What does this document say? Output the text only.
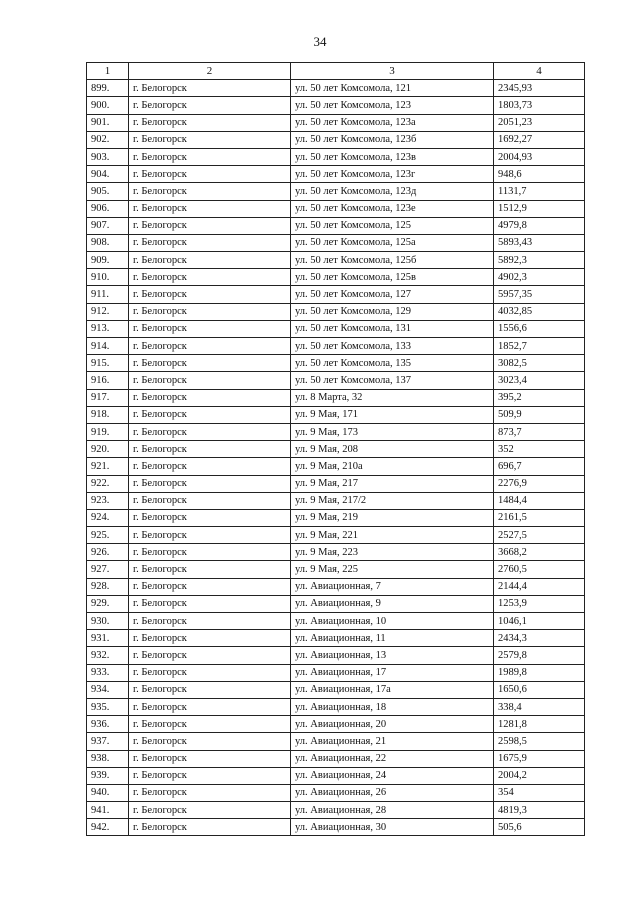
34
1	2	3	4
899.	г. Белогорск	ул. 50 лет Комсомола, 121	2345,93
900.	г. Белогорск	ул. 50 лет Комсомола, 123	1803,73
901.	г. Белогорск	ул. 50 лет Комсомола, 123а	2051,23
902.	г. Белогорск	ул. 50 лет Комсомола, 123б	1692,27
903.	г. Белогорск	ул. 50 лет Комсомола, 123в	2004,93
904.	г. Белогорск	ул. 50 лет Комсомола, 123г	948,6
905.	г. Белогорск	ул. 50 лет Комсомола, 123д	1131,7
906.	г. Белогорск	ул. 50 лет Комсомола, 123е	1512,9
907.	г. Белогорск	ул. 50 лет Комсомола, 125	4979,8
908.	г. Белогорск	ул. 50 лет Комсомола, 125а	5893,43
909.	г. Белогорск	ул. 50 лет Комсомола, 125б	5892,3
910.	г. Белогорск	ул. 50 лет Комсомола, 125в	4902,3
911.	г. Белогорск	ул. 50 лет Комсомола, 127	5957,35
912.	г. Белогорск	ул. 50 лет Комсомола, 129	4032,85
913.	г. Белогорск	ул. 50 лет Комсомола, 131	1556,6
914.	г. Белогорск	ул. 50 лет Комсомола, 133	1852,7
915.	г. Белогорск	ул. 50 лет Комсомола, 135	3082,5
916.	г. Белогорск	ул. 50 лет Комсомола, 137	3023,4
917.	г. Белогорск	ул. 8 Марта, 32	395,2
918.	г. Белогорск	ул. 9 Мая, 171	509,9
919.	г. Белогорск	ул. 9 Мая, 173	873,7
920.	г. Белогорск	ул. 9 Мая, 208	352
921.	г. Белогорск	ул. 9 Мая, 210а	696,7
922.	г. Белогорск	ул. 9 Мая, 217	2276,9
923.	г. Белогорск	ул. 9 Мая, 217/2	1484,4
924.	г. Белогорск	ул. 9 Мая, 219	2161,5
925.	г. Белогорск	ул. 9 Мая, 221	2527,5
926.	г. Белогорск	ул. 9 Мая, 223	3668,2
927.	г. Белогорск	ул. 9 Мая, 225	2760,5
928.	г. Белогорск	ул. Авиационная, 7	2144,4
929.	г. Белогорск	ул. Авиационная, 9	1253,9
930.	г. Белогорск	ул. Авиационная, 10	1046,1
931.	г. Белогорск	ул. Авиационная, 11	2434,3
932.	г. Белогорск	ул. Авиационная, 13	2579,8
933.	г. Белогорск	ул. Авиационная, 17	1989,8
934.	г. Белогорск	ул. Авиационная, 17а	1650,6
935.	г. Белогорск	ул. Авиационная, 18	338,4
936.	г. Белогорск	ул. Авиационная, 20	1281,8
937.	г. Белогорск	ул. Авиационная, 21	2598,5
938.	г. Белогорск	ул. Авиационная, 22	1675,9
939.	г. Белогорск	ул. Авиационная, 24	2004,2
940.	г. Белогорск	ул. Авиационная, 26	354
941.	г. Белогорск	ул. Авиационная, 28	4819,3
942.	г. Белогорск	ул. Авиационная, 30	505,6
